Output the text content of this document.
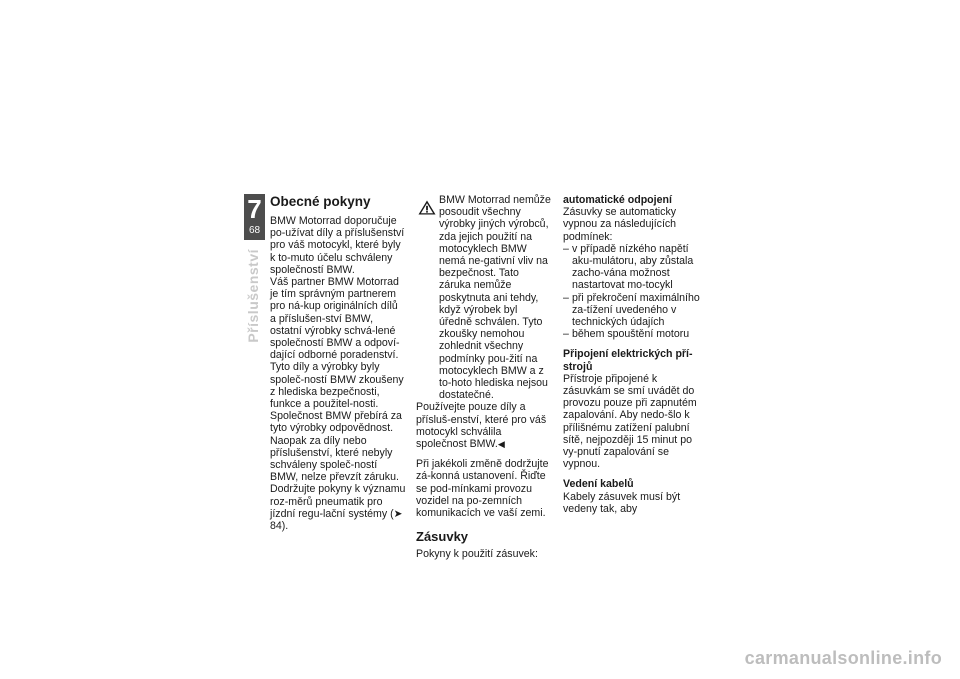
7
68
Příslušenství
Obecné pokyny

BMW Motorrad doporučuje po-užívat díly a příslušenství pro váš motocykl, které byly k to-muto účelu schváleny společností BMW.

Váš partner BMW Motorrad je tím správným partnerem pro ná-kup originálních dílů a příslušen-ství BMW, ostatní výrobky schvá-lené společností BMW a odpoví-dající odborné poradenství.

Tyto díly a výrobky byly společ-ností BMW zkoušeny z hlediska bezpečnosti, funkce a použitel-nosti. Společnost BMW přebírá za tyto výrobky odpovědnost.

Naopak za díly nebo příslušenství, které nebyly schváleny společ-ností BMW, nelze převzít záruku.

Dodržujte pokyny k významu roz-měrů pneumatik pro jízdní regu-lační systémy (➤ 84).

BMW Motorrad nemůže posoudit všechny výrobky jiných výrobců, zda jejich použití na motocyklech BMW nemá ne-gativní vliv na bezpečnost. Tato záruka nemůže poskytnuta ani tehdy, když výrobek byl úředně schválen. Tyto zkoušky nemohou zohlednit všechny podmínky pou-žití na motocyklech BMW a z to-hoto hlediska nejsou dostatečné.

Používejte pouze díly a přísluš-enství, které pro váš motocykl schválila společnost BMW.◀

Při jakékoli změně dodržujte zá-konná ustanovení. Řiďte se pod-mínkami provozu vozidel na po-zemních komunikacích ve vaší zemi.

Zásuvky

Pokyny k použití zásuvek:

automatické odpojení

Zásuvky se automaticky vypnou za následujících podmínek:

– v případě nízkého napětí aku-mulátoru, aby zůstala zacho-vána možnost nastartovat mo-tocykl
– při překročení maximálního za-tížení uvedeného v technických údajích
– během spouštění motoru
Připojení elektrických pří-strojů

Přístroje připojené k zásuvkám se smí uvádět do provozu pouze při zapnutém zapalování. Aby nedo-šlo k přílišnému zatížení palubní sítě, nejpozději 15 minut po vy-pnutí zapalování se vypnou.

Vedení kabelů

Kabely zásuvek musí být vedeny tak, aby

carmanualsonline.info
